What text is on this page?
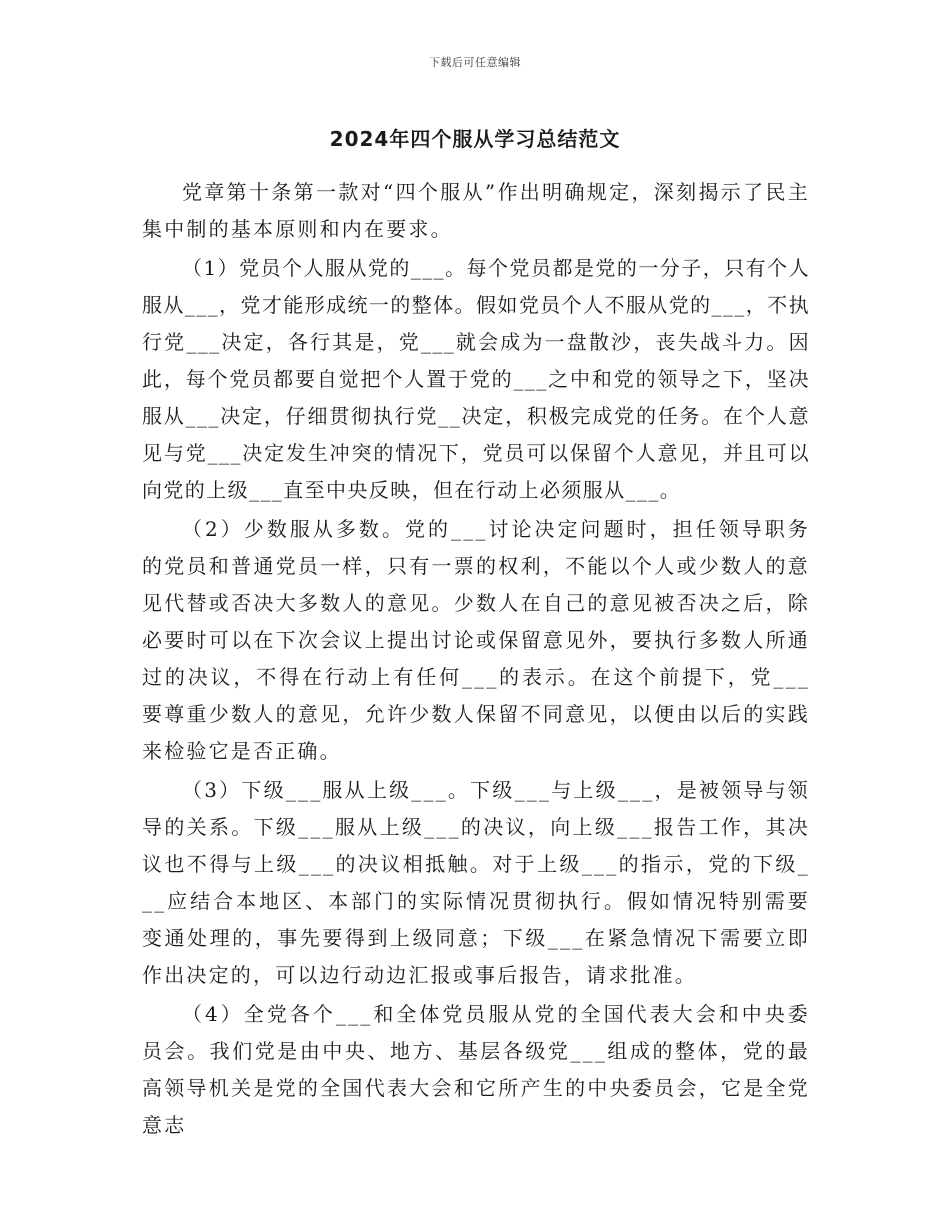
下载后可任意编辑
2024年四个服从学习总结范文

党章第十条第一款对“四个服从”作出明确规定，深刻揭示了民主集中制的基本原则和内在要求。

（1）党员个人服从党的___。每个党员都是党的一分子，只有个人服从___，党才能形成统一的整体。假如党员个人不服从党的___，不执行党___决定，各行其是，党___就会成为一盘散沙，丧失战斗力。因此，每个党员都要自觉把个人置于党的___之中和党的领导之下，坚决服从___决定，仔细贯彻执行党__决定，积极完成党的任务。在个人意见与党___决定发生冲突的情况下，党员可以保留个人意见，并且可以向党的上级___直至中央反映，但在行动上必须服从___。

（2）少数服从多数。党的___讨论决定问题时，担任领导职务的党员和普通党员一样，只有一票的权利，不能以个人或少数人的意见代替或否决大多数人的意见。少数人在自己的意见被否决之后，除必要时可以在下次会议上提出讨论或保留意见外，要执行多数人所通过的决议，不得在行动上有任何___的表示。在这个前提下，党___要尊重少数人的意见，允许少数人保留不同意见，以便由以后的实践来检验它是否正确。

（3）下级___服从上级___。下级___与上级___，是被领导与领导的关系。下级___服从上级___的决议，向上级___报告工作，其决议也不得与上级___的决议相抵触。对于上级___的指示，党的下级___应结合本地区、本部门的实际情况贯彻执行。假如情况特别需要变通处理的，事先要得到上级同意；下级___在紧急情况下需要立即作出决定的，可以边行动边汇报或事后报告，请求批准。

（4）全党各个___和全体党员服从党的全国代表大会和中央委员会。我们党是由中央、地方、基层各级党___组成的整体，党的最高领导机关是党的全国代表大会和它所产生的中央委员会，它是全党意志
